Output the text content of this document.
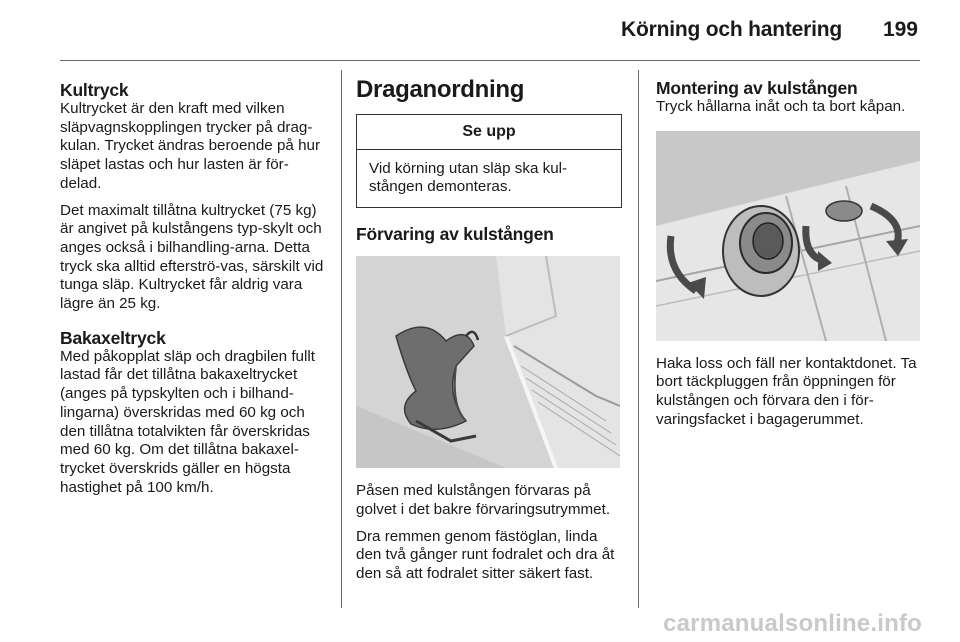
Körning och hantering 199
Kultryck

Kultrycket är den kraft med vilken släpvagnskopplingen trycker på drag-kulan. Trycket ändras beroende på hur släpet lastas och hur lasten är för-delad.

Det maximalt tillåtna kultrycket (75 kg) är angivet på kulstångens typ-skylt och anges också i bilhandling-arna. Detta tryck ska alltid efterströ-vas, särskilt vid tunga släp. Kultrycket får aldrig vara lägre än 25 kg.

Bakaxeltryck

Med påkopplat släp och dragbilen fullt lastad får det tillåtna bakaxeltrycket (anges på typskylten och i bilhand-lingarna) överskridas med 60 kg och den tillåtna totalvikten får överskridas med 60 kg. Om det tillåtna bakaxel-trycket överskrids gäller en högsta hastighet på 100 km/h.

Draganordning
Se upp
Vid körning utan släp ska kul-stången demonteras.
Förvaring av kulstången

Påsen med kulstången förvaras på golvet i det bakre förvaringsutrymmet.

Dra remmen genom fästöglan, linda den två gånger runt fodralet och dra åt den så att fodralet sitter säkert fast.

Montering av kulstången

Tryck hållarna inåt och ta bort kåpan.

Haka loss och fäll ner kontaktdonet. Ta bort täckpluggen från öppningen för kulstången och förvara den i för-varingsfacket i bagagerummet.

carmanualsonline.info
